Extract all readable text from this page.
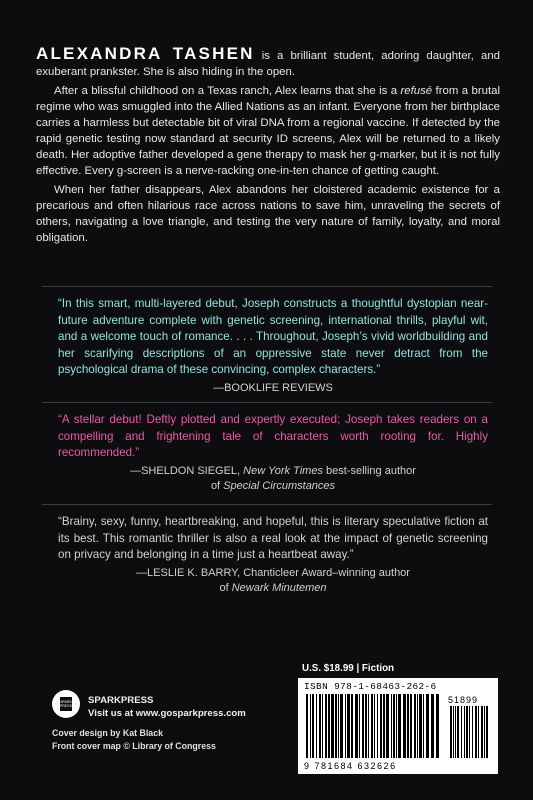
ALEXANDRA TASHEN is a brilliant student, adoring daughter, and exuberant prankster. She is also hiding in the open.

After a blissful childhood on a Texas ranch, Alex learns that she is a refusé from a brutal regime who was smuggled into the Allied Nations as an infant. Everyone from her birthplace carries a harmless but detectable bit of viral DNA from a regional vaccine. If detected by the rapid genetic testing now standard at security ID screens, Alex will be returned to a likely death. Her adoptive father developed a gene therapy to mask her g-marker, but it is not fully effective. Every g-screen is a nerve-racking one-in-ten chance of getting caught.

When her father disappears, Alex abandons her cloistered academic existence for a precarious and often hilarious race across nations to save him, unraveling the secrets of others, navigating a love triangle, and testing the very nature of family, loyalty, and moral obligation.

“In this smart, multi-layered debut, Joseph constructs a thoughtful dystopian near-future adventure complete with genetic screening, international thrills, playful wit, and a welcome touch of romance. . . . Throughout, Joseph’s vivid worldbuilding and her scarifying descriptions of an oppressive state never detract from the psychological drama of these convincing, complex characters.”
—BOOKLIFE REVIEWS
“A stellar debut! Deftly plotted and expertly executed; Joseph takes readers on a compelling and frightening tale of characters worth rooting for. Highly recommended.”
—SHELDON SIEGEL, New York Times best-selling author
of Special Circumstances
“Brainy, sexy, funny, heartbreaking, and hopeful, this is literary speculative fiction at its best. This romantic thriller is also a real look at the impact of genetic screening on privacy and belonging in a time just a heartbeat away.”
—LESLIE K. BARRY, Chanticleer Award–winning author
of Newark Minutemen
SPARK PRESS SPARKPRESS
Visit us at www.gosparkpress.com
Cover design by Kat Black
Front cover map © Library of Congress
U.S. $18.99 | Fiction
ISBN 978-1-68463-262-6
51899
9 781684 632626
